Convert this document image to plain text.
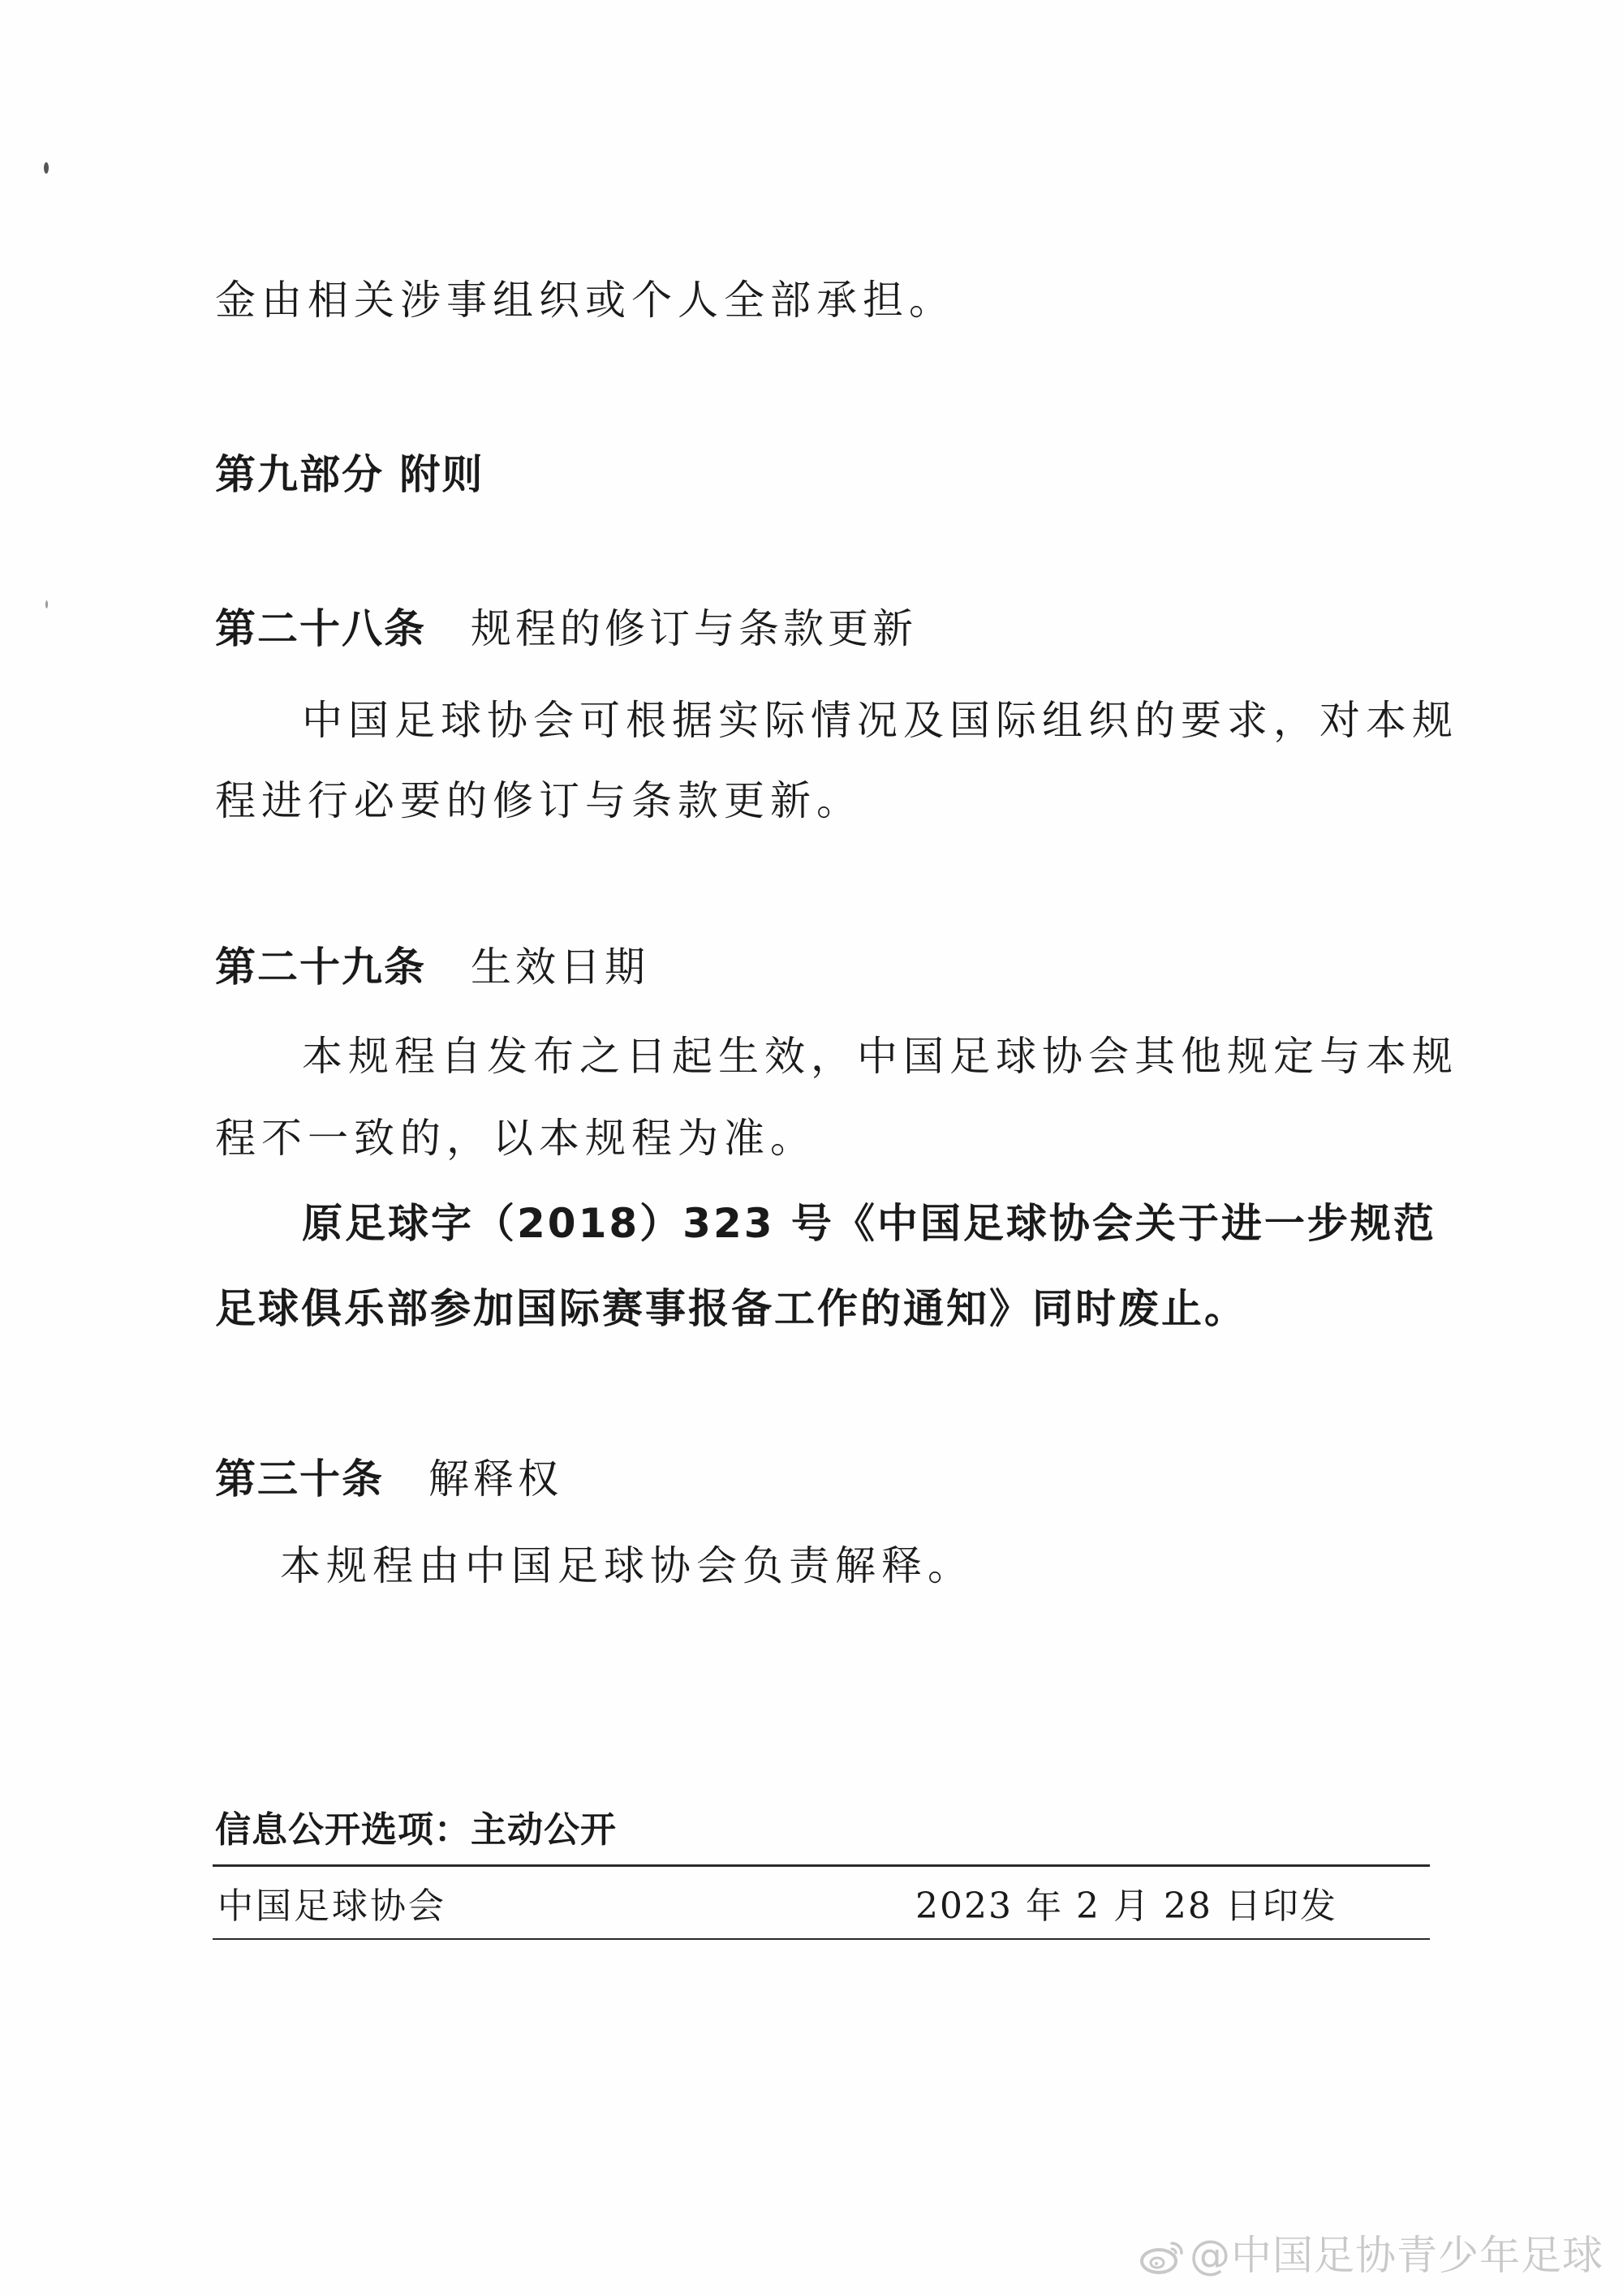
金由相关涉事组织或个人全部承担。
第九部分 附则
第二十八条 规程的修订与条款更新
中国足球协会可根据实际情况及国际组织的要求，对本规
程进行必要的修订与条款更新。
第二十九条 生效日期
本规程自发布之日起生效，中国足球协会其他规定与本规
程不一致的，以本规程为准。
原足球字（2018）323 号《中国足球协会关于进一步规范
足球俱乐部参加国际赛事报备工作的通知》同时废止。
第三十条 解释权
本规程由中国足球协会负责解释。
信息公开选项：主动公开
中国足球协会	2023 年 2 月 28 日印发
@中国足协青少年足球
